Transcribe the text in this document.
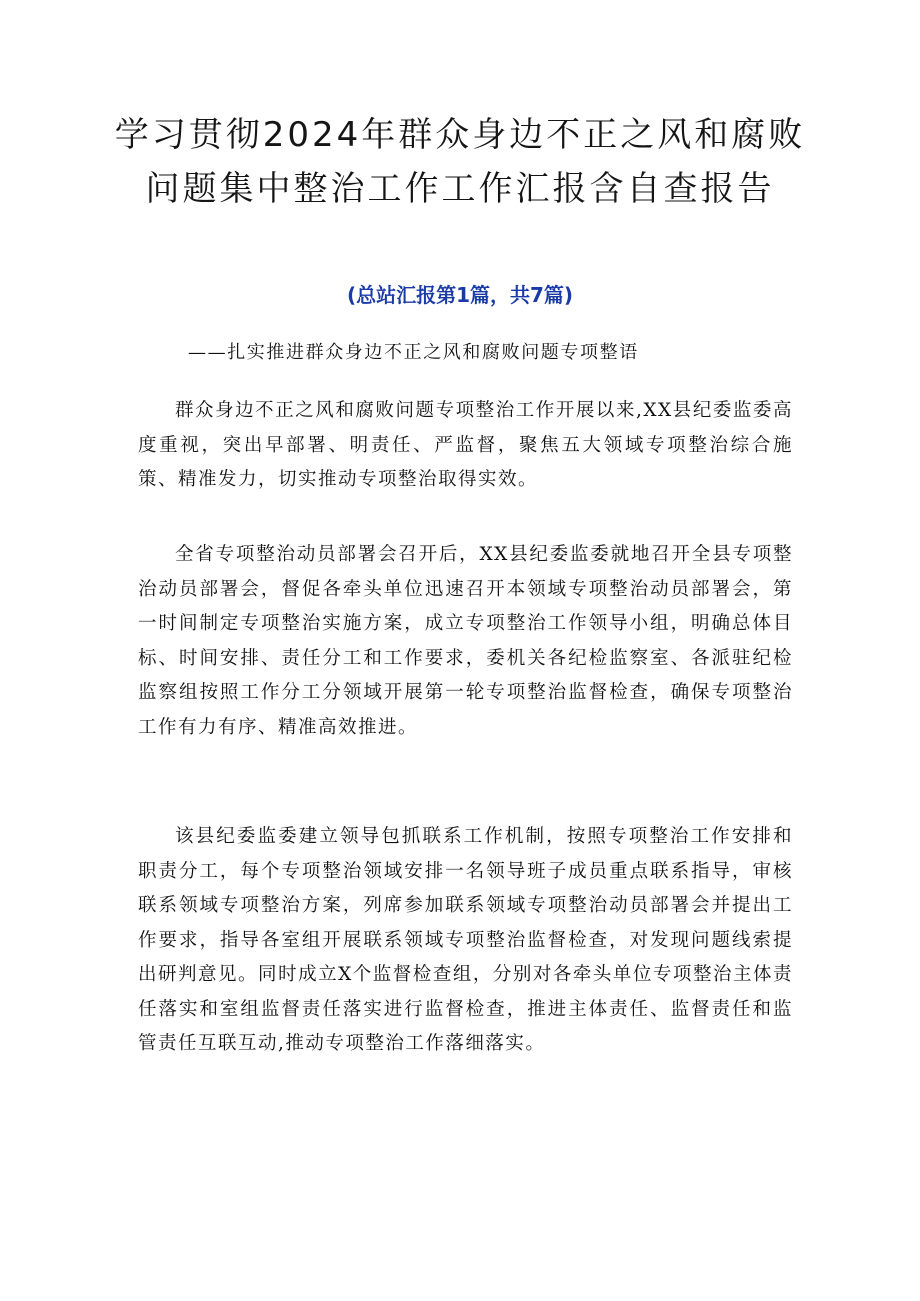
学习贯彻2024年群众身边不正之风和腐败
问题集中整治工作工作汇报含自查报告
(总站汇报第1篇，共7篇)
——扎实推进群众身边不正之风和腐败问题专项整语

群众身边不正之风和腐败问题专项整治工作开展以来,XX县纪委监委高度重视，突出早部署、明责任、严监督，聚焦五大领域专项整治综合施策、精准发力，切实推动专项整治取得实效。

全省专项整治动员部署会召开后，XX县纪委监委就地召开全县专项整治动员部署会，督促各牵头单位迅速召开本领域专项整治动员部署会，第一时间制定专项整治实施方案，成立专项整治工作领导小组，明确总体目标、时间安排、责任分工和工作要求，委机关各纪检监察室、各派驻纪检监察组按照工作分工分领域开展第一轮专项整治监督检查，确保专项整治工作有力有序、精准高效推进。

该县纪委监委建立领导包抓联系工作机制，按照专项整治工作安排和职责分工，每个专项整治领域安排一名领导班子成员重点联系指导，审核联系领域专项整治方案，列席参加联系领域专项整治动员部署会并提出工作要求，指导各室组开展联系领域专项整治监督检查，对发现问题线索提出研判意见。同时成立X个监督检查组，分别对各牵头单位专项整治主体责任落实和室组监督责任落实进行监督检查，推进主体责任、监督责任和监管责任互联互动,推动专项整治工作落细落实。
